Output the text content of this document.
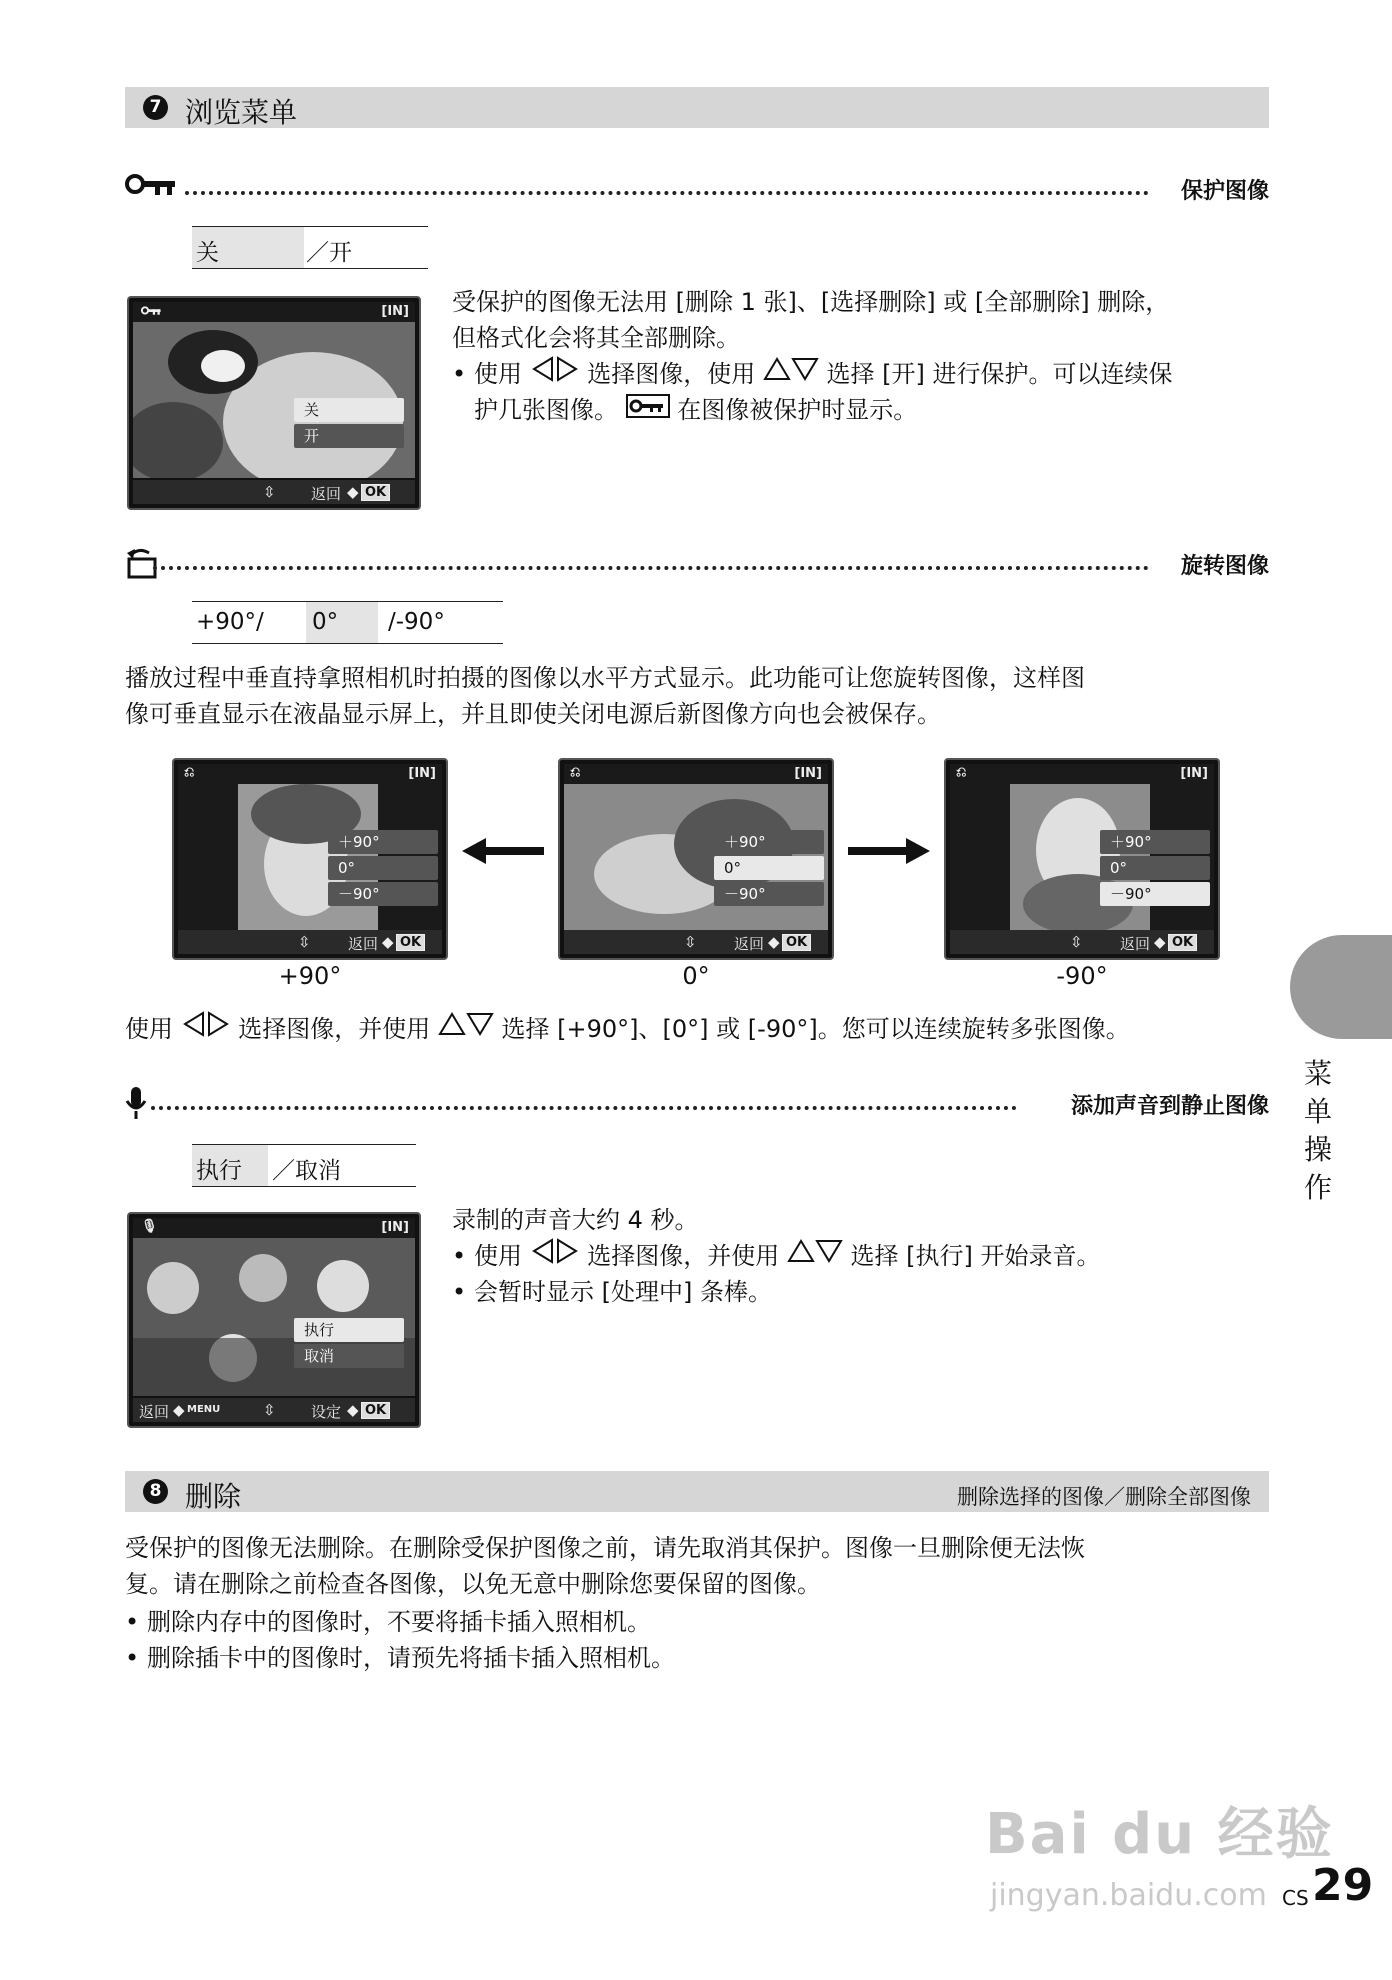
7 浏览菜单
保护图像
关	／开
[IN]
关
开
⇳ 返回 ◆ OK
受保护的图像无法用 [删除 1 张]、[选择删除] 或 [全部删除] 删除，
但格式化会将其全部删除。
• 使用  选择图像，使用  选择 [开] 进行保护。可以连续保
护几张图像。  在图像被保护时显示。
旋转图像
+90°/ 0° /-90°
播放过程中垂直持拿照相机时拍摄的图像以水平方式显示。此功能可让您旋转图像，这样图
像可垂直显示在液晶显示屏上，并且即使关闭电源后新图像方向也会被保存。
⎌	[IN]
＋90°
0°
－90°
⇳ 返回 ◆ OK
⎌	[IN]
＋90°
0°
－90°
⇳ 返回 ◆ OK
⎌	[IN]
＋90°
0°
－90°
⇳ 返回 ◆ OK
+90°	0°	-90°
使用  选择图像，并使用  选择 [+90°]、[0°] 或 [-90°]。您可以连续旋转多张图像。
添加声音到静止图像
执行 ／取消
🎙	[IN]
执行
取消
返回 ◆ MENU	⇳ 设定 ◆ OK
录制的声音大约 4 秒。
• 使用  选择图像，并使用  选择 [执行] 开始录音。
• 会暂时显示 [处理中] 条棒。
8 删除	删除选择的图像／删除全部图像
受保护的图像无法删除。在删除受保护图像之前，请先取消其保护。图像一旦删除便无法恢
复。请在删除之前检查各图像，以免无意中删除您要保留的图像。
• 删除内存中的图像时，不要将插卡插入照相机。
• 删除插卡中的图像时，请预先将插卡插入照相机。
菜单操作
Bai du 经验
jingyan.baidu.com CS 29
